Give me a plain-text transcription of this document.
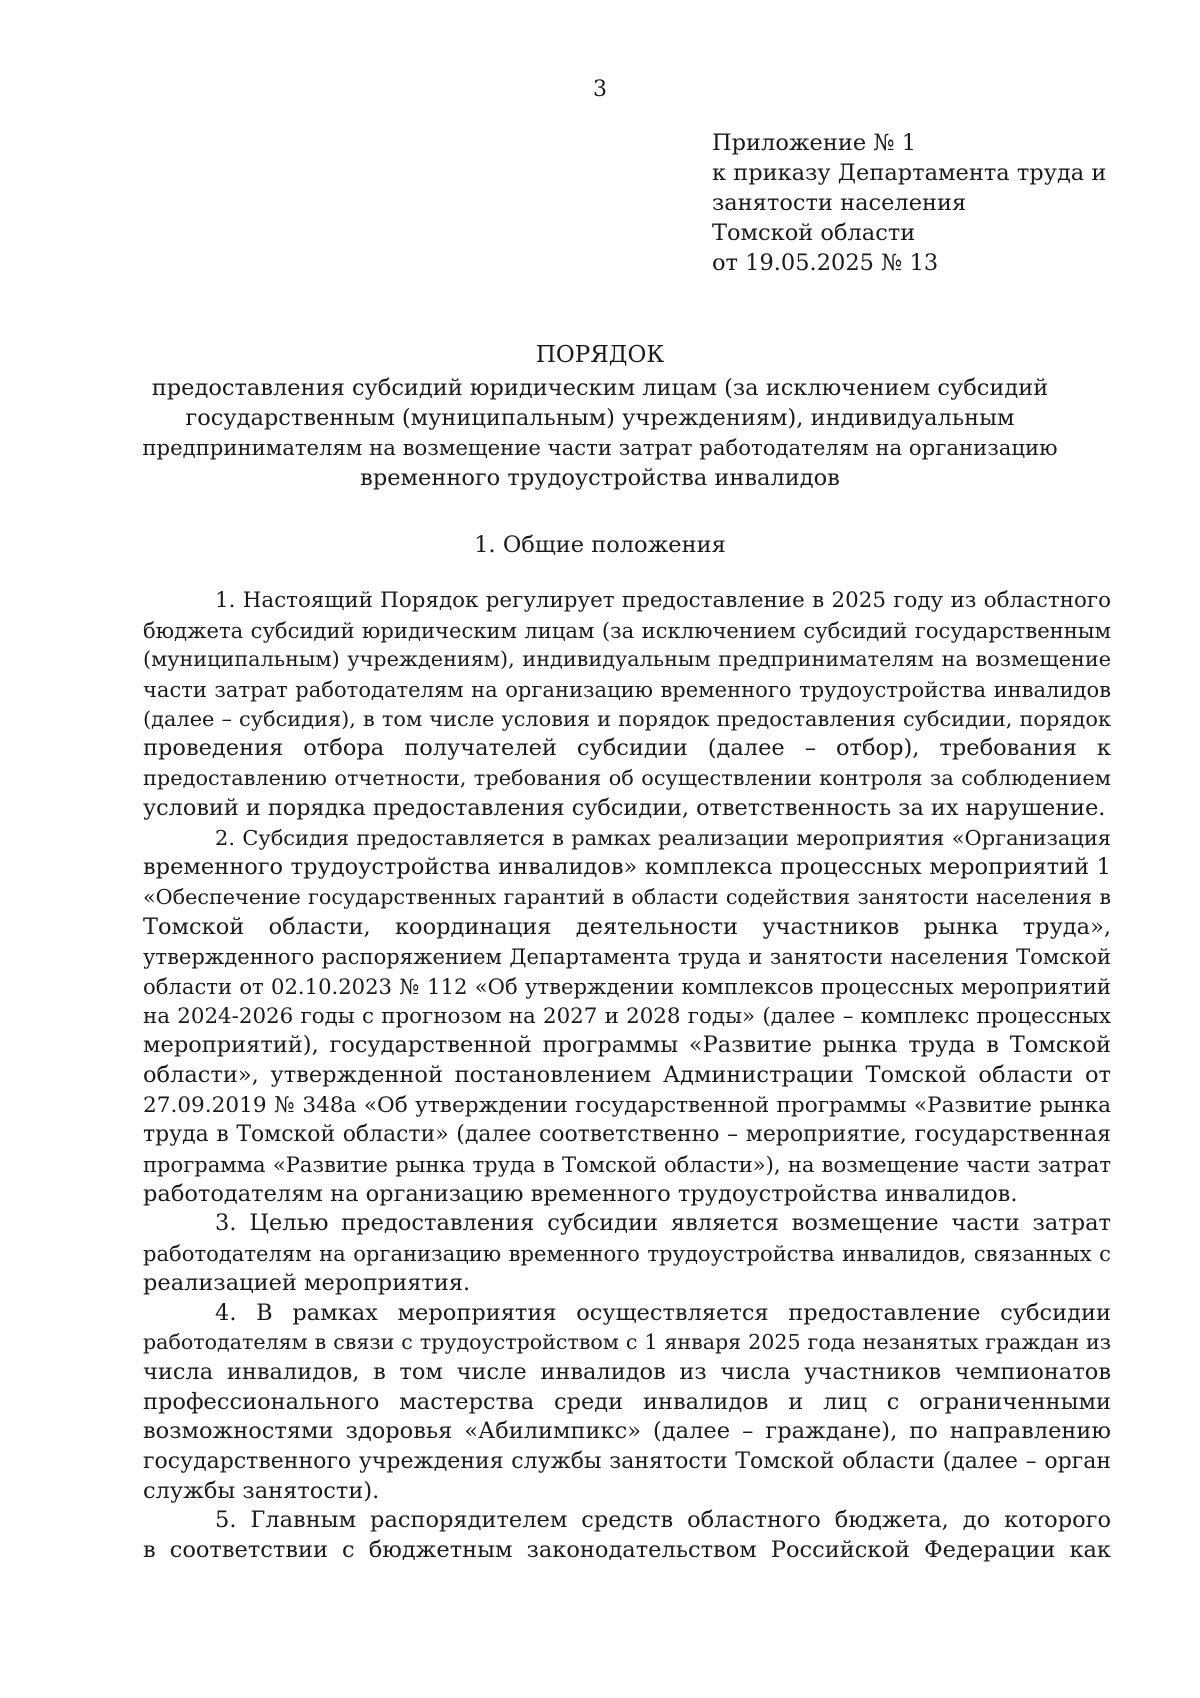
3
Приложение № 1
к приказу Департамента труда и
занятости населения
Томской области
от 19.05.2025 № 13
ПОРЯДОК
предоставления субсидий юридическим лицам (за исключением субсидий
государственным (муниципальным) учреждениям), индивидуальным
предпринимателям на возмещение части затрат работодателям на организацию
временного трудоустройства инвалидов
1. Общие положения
1. Настоящий Порядок регулирует предоставление в 2025 году из областного
бюджета субсидий юридическим лицам (за исключением субсидий государственным
(муниципальным) учреждениям), индивидуальным предпринимателям на возмещение
части затрат работодателям на организацию временного трудоустройства инвалидов
(далее – субсидия), в том числе условия и порядок предоставления субсидии, порядок
проведения отбора получателей субсидии (далее – отбор), требования к
предоставлению отчетности, требования об осуществлении контроля за соблюдением
условий и порядка предоставления субсидии, ответственность за их нарушение.
2. Субсидия предоставляется в рамках реализации мероприятия «Организация
временного трудоустройства инвалидов» комплекса процессных мероприятий 1
«Обеспечение государственных гарантий в области содействия занятости населения в
Томской области, координация деятельности участников рынка труда»,
утвержденного распоряжением Департамента труда и занятости населения Томской
области от 02.10.2023 № 112 «Об утверждении комплексов процессных мероприятий
на 2024-2026 годы с прогнозом на 2027 и 2028 годы» (далее – комплекс процессных
мероприятий), государственной программы «Развитие рынка труда в Томской
области», утвержденной постановлением Администрации Томской области от
27.09.2019 № 348а «Об утверждении государственной программы «Развитие рынка
труда в Томской области» (далее соответственно – мероприятие, государственная
программа «Развитие рынка труда в Томской области»), на возмещение части затрат
работодателям на организацию временного трудоустройства инвалидов.
3. Целью предоставления субсидии является возмещение части затрат
работодателям на организацию временного трудоустройства инвалидов, связанных с
реализацией мероприятия.
4. В рамках мероприятия осуществляется предоставление субсидии
работодателям в связи с трудоустройством с 1 января 2025 года незанятых граждан из
числа инвалидов, в том числе инвалидов из числа участников чемпионатов
профессионального мастерства среди инвалидов и лиц с ограниченными
возможностями здоровья «Абилимпикс» (далее – граждане), по направлению
государственного учреждения службы занятости Томской области (далее – орган
службы занятости).
5. Главным распорядителем средств областного бюджета, до которого
в соответствии с бюджетным законодательством Российской Федерации как
